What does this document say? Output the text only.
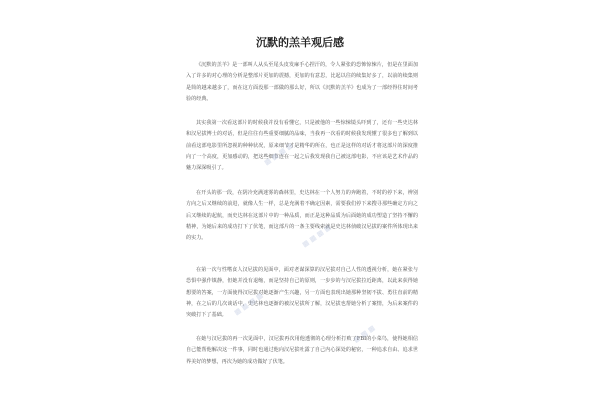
沉默的羔羊观后感

《沉默的羔羊》是一部叫人从头至尾头皮发麻手心捏汗的，令人紧张的恐怖惊悚片，但是在里面加入了许多的对心理的分析是整部片更加的震撼，更加的有意思，比起以往的续集好多了，以前的续集则是简的越来越多了，而在这方面没那一部做的那么好，所以《沉默的羔羊》也成为了一部经得住时间考验的经典。

其实我第一次看这部片的时候我并没有看懂它，只是被他的一些惊悚镜头吓到了，还有一些史达林和汉尼拔博士的对话，但是往往有些重要细腻的品味，当我再一次看的时候我发现懂了很多也了解到以前看这部电影里所忽视的种种状况，原来细节才是精华的所在，也正是这样的对话才将这部片的深度推向了一个高度，更加感动的，把这些细节连在一起之后我发现我自己被这部电影，不应该是艺术作品的魅力深深吸引了。

在开头的那一段，在阴冷充满迷雾的森林里，史达林在一个人努力的奔跑着，不时的停下来，辨别方向之后又继续的前进，就像人生一样，总是充满着不确定因素，需要我们停下来搜寻那些确定方向之后又继续的起航，而史达林在这部片中的一种品质，而正是这种品质为后面她的成功塑造了坚持不懈的精神，为她后来的成功打下了伏笔，而这部片的一条主要线索就是史达林侦破汉尼拔的案件所体现出来的实力。

在第一次与性嗜食人汉尼拔的见面中，面对老谋深算的汉尼拔对自己人性的透视分析，她在紧张与恐惧中强作镇静，但她并没有退缩，而是坚持自己的原则，一步步的与汉尼拔拉近距离，以此来获得她想要的答案，一方面使得汉尼拔对她逐渐产生兴趣，另一方面也表现出她那种坚韧不拔、勇往直前的精神，在之后的几次谈话中，史达林也逐渐的被汉尼拔所了解，汉尼拔也帮她分析了案情，为后来案件的突破打下了基础。

在她与汉尼拔的再一次见面中，汉尼拔再次用他透彻的心理分析打败了FBI的小菜鸟，使得她相信自己能帮他解决这一件事，同时也通过他向汉尼拔吐露了自己内心深处的秘密，一种追求自由、追求世界美好的梦想，再次为她的成功做好了伏笔。

▦ ▦ ▦ ▦
▦ ▦ ▦ ▦
▦ ▦ ▦ ▦
▦ ▦ ▦
